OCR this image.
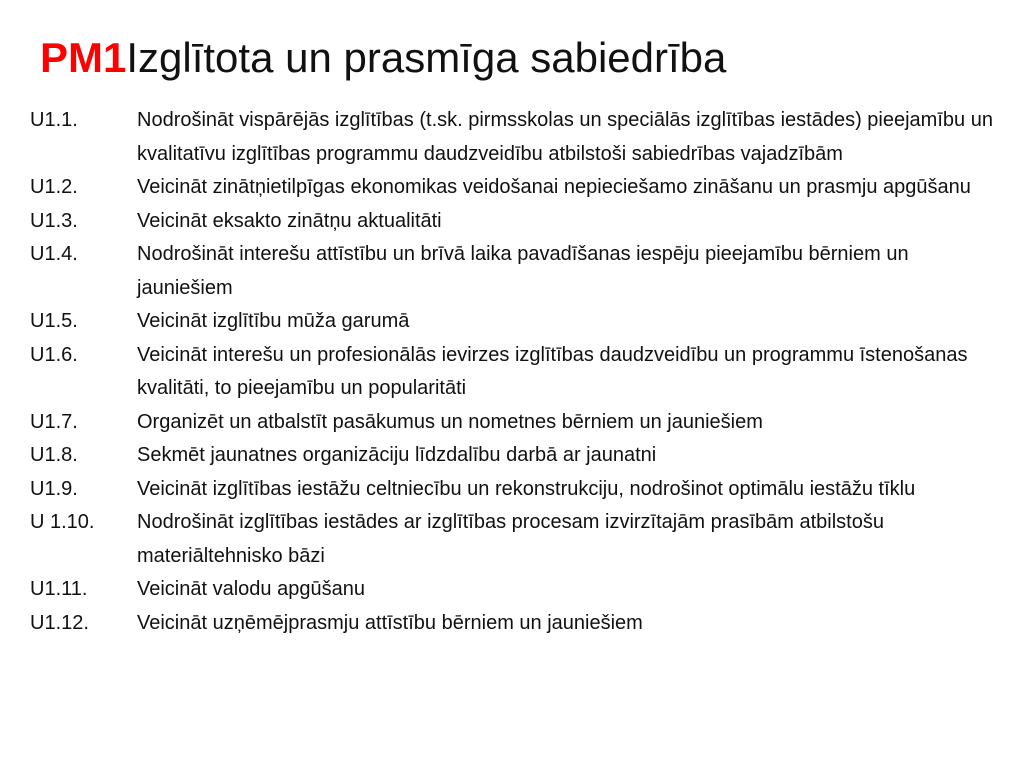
PM1Izglītota un prasmīga sabiedrība
U1.1.	Nodrošināt vispārējās izglītības (t.sk. pirmsskolas un speciālās izglītības iestādes) pieejamību un kvalitatīvu izglītības programmu daudzveidību atbilstoši sabiedrības vajadzībām
U1.2.	Veicināt zinātņietilpīgas ekonomikas veidošanai nepieciešamo zināšanu un prasmju apgūšanu
U1.3.	Veicināt eksakto zinātņu aktualitāti
U1.4.	Nodrošināt interešu attīstību un brīvā laika pavadīšanas iespēju pieejamību bērniem un jauniešiem
U1.5.	Veicināt izglītību mūža garumā
U1.6.	Veicināt interešu un profesionālās ievirzes izglītības daudzveidību un programmu īstenošanas kvalitāti, to pieejamību un popularitāti
U1.7.	Organizēt un atbalstīt pasākumus un nometnes bērniem un jauniešiem
U1.8.	Sekmēt jaunatnes organizāciju līdzdalību darbā ar jaunatni
U1.9.	Veicināt izglītības iestāžu celtniecību un rekonstrukciju, nodrošinot optimālu iestāžu tīklu
U 1.10.	Nodrošināt izglītības iestādes ar izglītības procesam izvirzītajām prasībām atbilstošu materiāltehnisko bāzi
U1.11.	Veicināt valodu apgūšanu
U1.12.	Veicināt uzņēmējprasmju attīstību bērniem un jauniešiem
